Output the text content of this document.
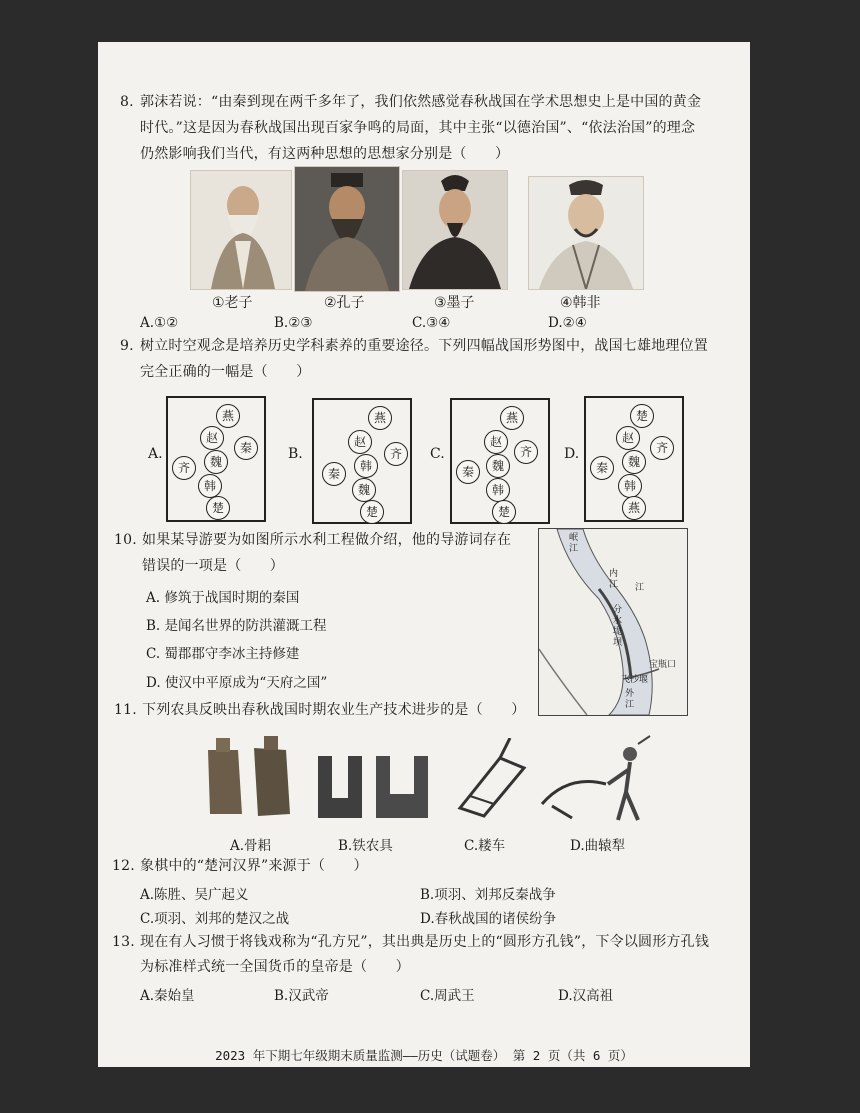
8. 郭沫若说：“由秦到现在两千多年了，我们依然感觉春秋战国在学术思想史上是中国的黄金
时代。”这是因为春秋战国出现百家争鸣的局面，其中主张“以德治国”、“依法治国”的理念
仍然影响我们当代，有这两种思想的思想家分别是（　　）
①老子	②孔子	③墨子	④韩非
A.①②	B.②③	C.③④	D.②④
9. 树立时空观念是培养历史学科素养的重要途径。下列四幅战国形势图中，战国七雄地理位置
完全正确的一幅是（　　）
A.
燕
赵
秦
齐	魏
韩
楚
B.
燕
赵
齐
韩
秦
魏
楚
C.
燕
赵
齐
秦	魏
韩
楚
D.
楚
赵
齐
秦	魏
韩
燕
10. 如果某导游要为如图所示水利工程做介绍，他的导游词存在
错误的一项是（　　）
A. 修筑于战国时期的秦国
B. 是闻名世界的防洪灌溉工程
C. 蜀郡郡守李冰主持修建
D. 使汉中平原成为“天府之国”
岷江
内江
分水堤坝
江
宝瓶口
飞沙堰
外江
11. 下列农具反映出春秋战国时期农业生产技术进步的是（　　）
A.骨耜	B.铁农具	C.耧车	D.曲辕犁
12. 象棋中的“楚河汉界”来源于（　　）
A.陈胜、吴广起义	B.项羽、刘邦反秦战争
C.项羽、刘邦的楚汉之战	D.春秋战国的诸侯纷争
13. 现在有人习惯于将钱戏称为“孔方兄”，其出典是历史上的“圆形方孔钱”，下令以圆形方孔钱
为标准样式统一全国货币的皇帝是（　　）
A.秦始皇	B.汉武帝	C.周武王	D.汉高祖
2023 年下期七年级期末质量监测——历史（试题卷） 第 2 页（共 6 页）
